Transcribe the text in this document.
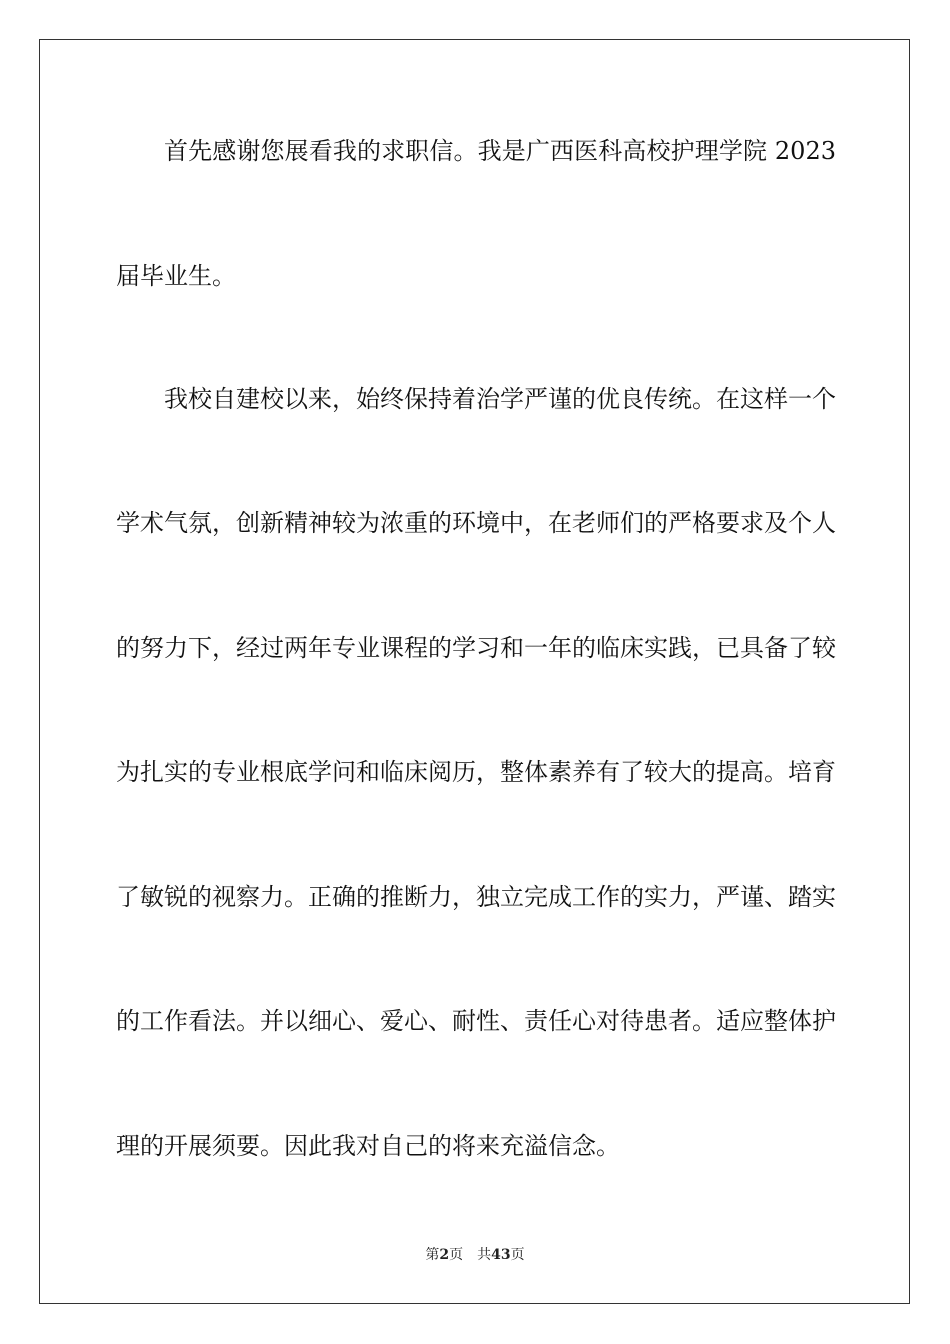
首先感谢您展看我的求职信。我是广西医科高校护理学院 2023
届毕业生。
我校自建校以来，始终保持着治学严谨的优良传统。在这样一个
学术气氛，创新精神较为浓重的环境中，在老师们的严格要求及个人
的努力下，经过两年专业课程的学习和一年的临床实践，已具备了较
为扎实的专业根底学问和临床阅历，整体素养有了较大的提高。培育
了敏锐的视察力。正确的推断力，独立完成工作的实力，严谨、踏实
的工作看法。并以细心、爱心、耐性、责任心对待患者。适应整体护
理的开展须要。因此我对自己的将来充溢信念。
第2页 共43页
